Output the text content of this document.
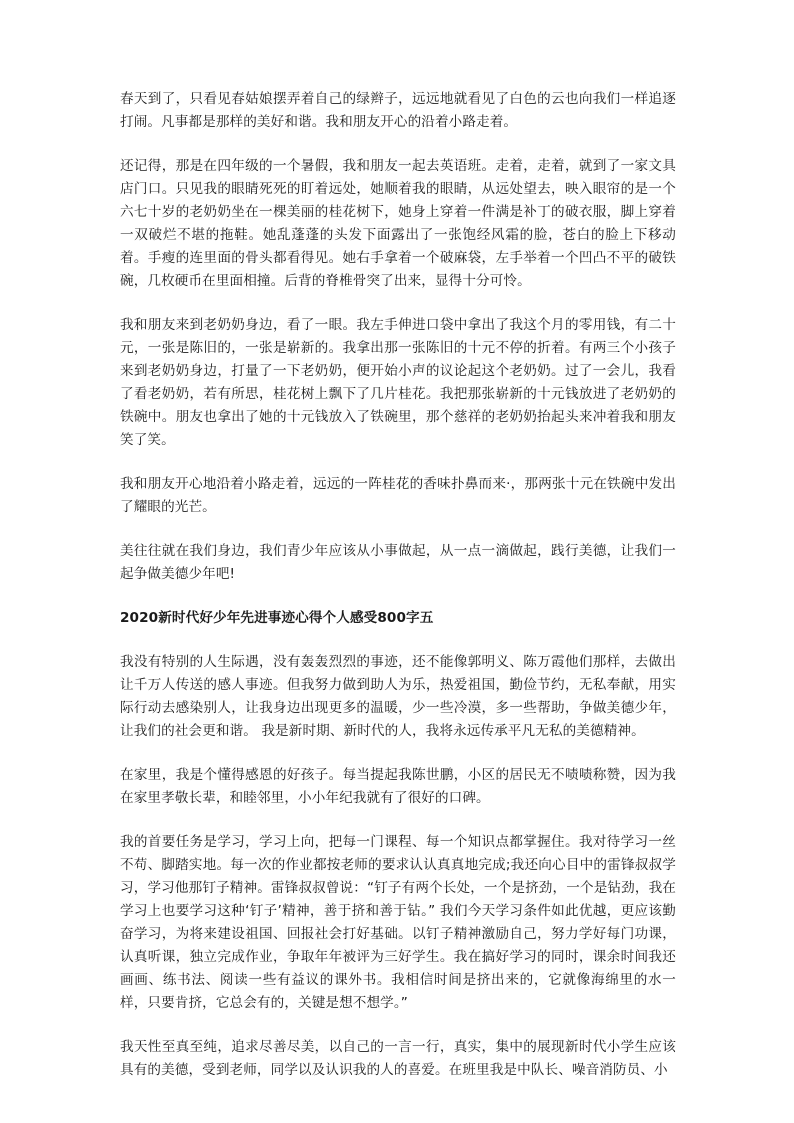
春天到了，只看见春姑娘摆弄着自己的绿辫子，远远地就看见了白色的云也向我们一样追逐打闹。凡事都是那样的美好和谐。我和朋友开心的沿着小路走着。

还记得，那是在四年级的一个暑假，我和朋友一起去英语班。走着，走着，就到了一家文具店门口。只见我的眼睛死死的盯着远处，她顺着我的眼睛，从远处望去，映入眼帘的是一个六七十岁的老奶奶坐在一棵美丽的桂花树下，她身上穿着一件满是补丁的破衣服，脚上穿着一双破烂不堪的拖鞋。她乱蓬蓬的头发下面露出了一张饱经风霜的脸，苍白的脸上下移动着。手瘦的连里面的骨头都看得见。她右手拿着一个破麻袋，左手举着一个凹凸不平的破铁碗，几枚硬币在里面相撞。后背的脊椎骨突了出来，显得十分可怜。

我和朋友来到老奶奶身边，看了一眼。我左手伸进口袋中拿出了我这个月的零用钱，有二十元，一张是陈旧的，一张是崭新的。我拿出那一张陈旧的十元不停的折着。有两三个小孩子来到老奶奶身边，打量了一下老奶奶，便开始小声的议论起这个老奶奶。过了一会儿，我看了看老奶奶，若有所思，桂花树上飘下了几片桂花。我把那张崭新的十元钱放进了老奶奶的铁碗中。朋友也拿出了她的十元钱放入了铁碗里，那个慈祥的老奶奶抬起头来冲着我和朋友笑了笑。

我和朋友开心地沿着小路走着，远远的一阵桂花的香味扑鼻而来·，那两张十元在铁碗中发出了耀眼的光芒。

美往往就在我们身边，我们青少年应该从小事做起，从一点一滴做起，践行美德，让我们一起争做美德少年吧!

2020新时代好少年先进事迹心得个人感受800字五

我没有特别的人生际遇，没有轰轰烈烈的事迹，还不能像郭明义、陈万霞他们那样，去做出让千万人传送的感人事迹。但我努力做到助人为乐，热爱祖国，勤俭节约，无私奉献，用实际行动去感染别人，让我身边出现更多的温暖，少一些冷漠，多一些帮助，争做美德少年，让我们的社会更和谐。 我是新时期、新时代的人，我将永远传承平凡无私的美德精神。

在家里，我是个懂得感恩的好孩子。每当提起我陈世鹏，小区的居民无不啧啧称赞，因为我在家里孝敬长辈，和睦邻里，小小年纪我就有了很好的口碑。

我的首要任务是学习，学习上向，把每一门课程、每一个知识点都掌握住。我对待学习一丝不苟、脚踏实地。每一次的作业都按老师的要求认认真真地完成;我还向心目中的雷锋叔叔学习，学习他那钉子精神。雷锋叔叔曾说：“钉子有两个长处，一个是挤劲，一个是钻劲，我在学习上也要学习这种‘钉子’精神，善于挤和善于钻。” 我们今天学习条件如此优越，更应该勤奋学习，为将来建设祖国、回报社会打好基础。以钉子精神激励自己，努力学好每门功课，认真听课，独立完成作业，争取年年被评为三好学生。我在搞好学习的同时，课余时间我还画画、练书法、阅读一些有益议的课外书。我相信时间是挤出来的，它就像海绵里的水一样，只要肯挤，它总会有的，关键是想不想学。”

我天性至真至纯，追求尽善尽美，以自己的一言一行，真实，集中的展现新时代小学生应该具有的美德，受到老师，同学以及认识我的人的喜爱。在班里我是中队长、噪音消防员、小
